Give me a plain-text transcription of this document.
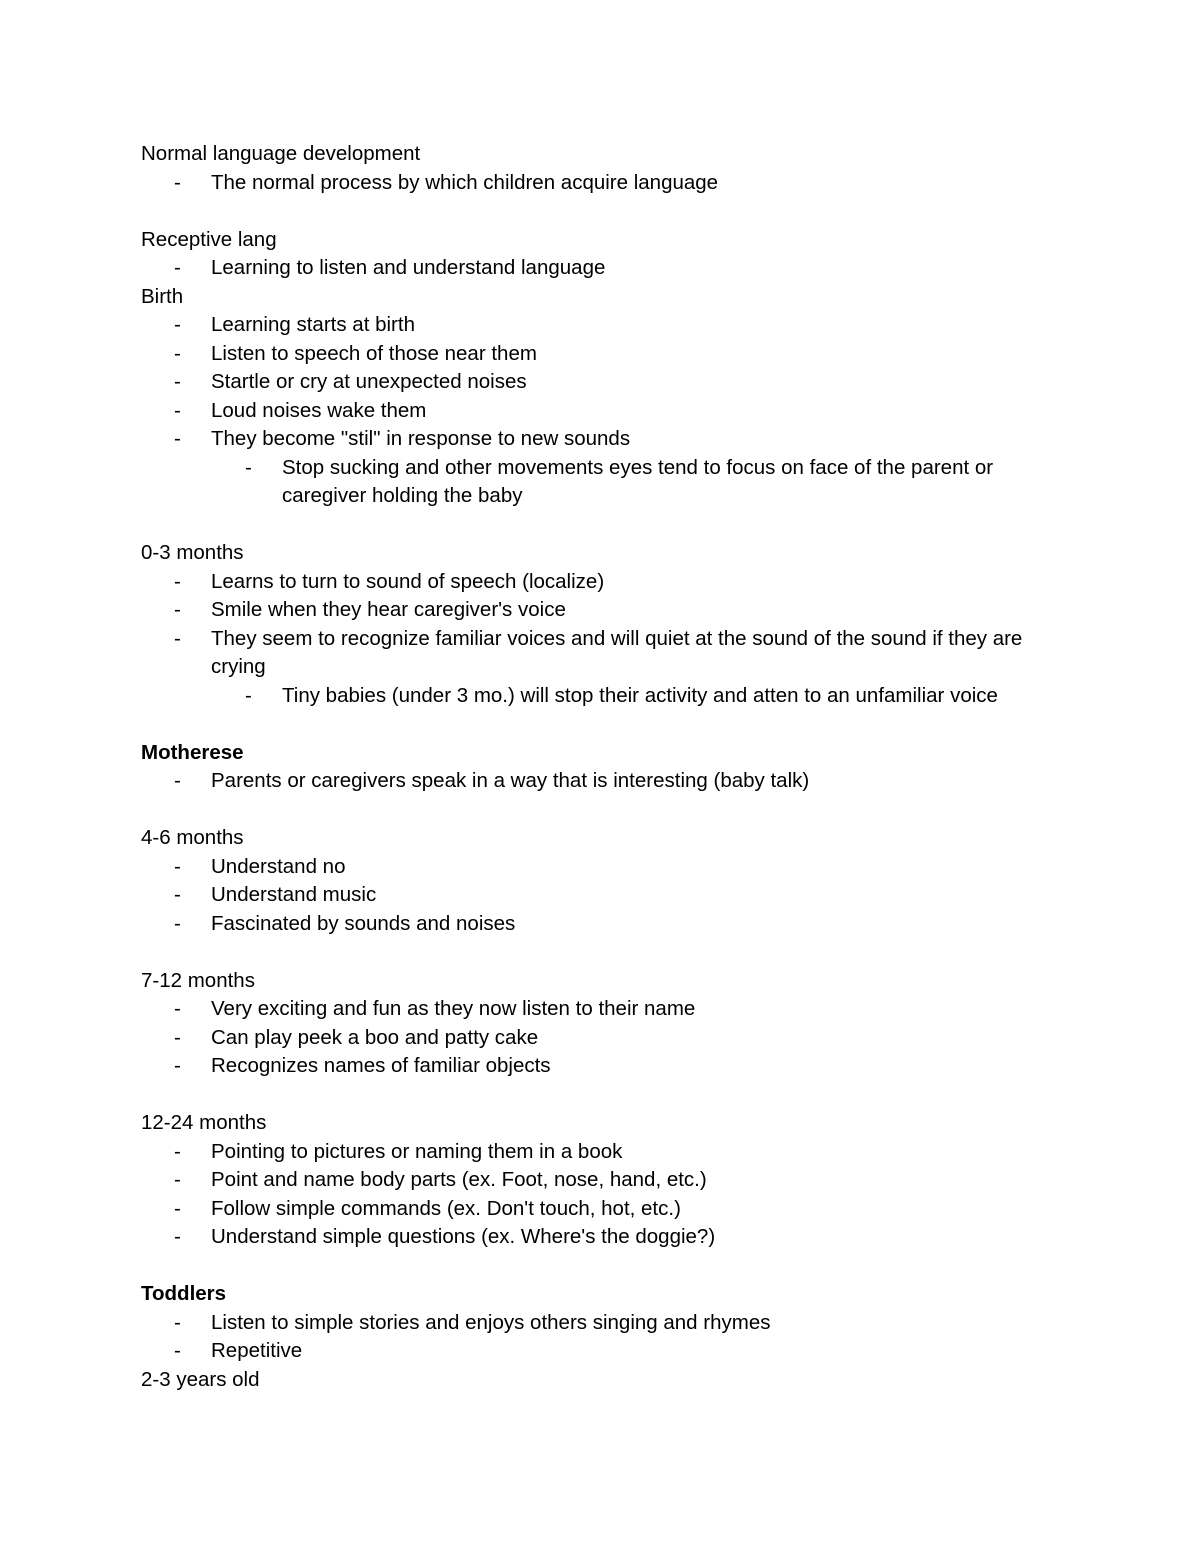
Normal language development
- The normal process by which children acquire language
Receptive lang
- Learning to listen and understand language
Birth
- Learning starts at birth
- Listen to speech of those near them
- Startle or cry at unexpected noises
- Loud noises wake them
- They become "stil" in response to new sounds
- Stop sucking and other movements eyes tend to focus on face of the parent or caregiver holding the baby
0-3 months
- Learns to turn to sound of speech (localize)
- Smile when they hear caregiver's voice
- They seem to recognize familiar voices and will quiet at the sound of the sound if they are crying
- Tiny babies (under 3 mo.) will stop their activity and atten to an unfamiliar voice
Motherese
- Parents or caregivers speak in a way that is interesting (baby talk)
4-6 months
- Understand no
- Understand music
- Fascinated by sounds and noises
7-12 months
- Very exciting and fun as they now listen to their name
- Can play peek a boo and patty cake
- Recognizes names of familiar objects
12-24 months
- Pointing to pictures or naming them in a book
- Point and name body parts (ex. Foot, nose, hand, etc.)
- Follow simple commands (ex. Don't touch, hot, etc.)
- Understand simple questions (ex. Where's the doggie?)
Toddlers
- Listen to simple stories and enjoys others singing and rhymes
- Repetitive
2-3 years old
